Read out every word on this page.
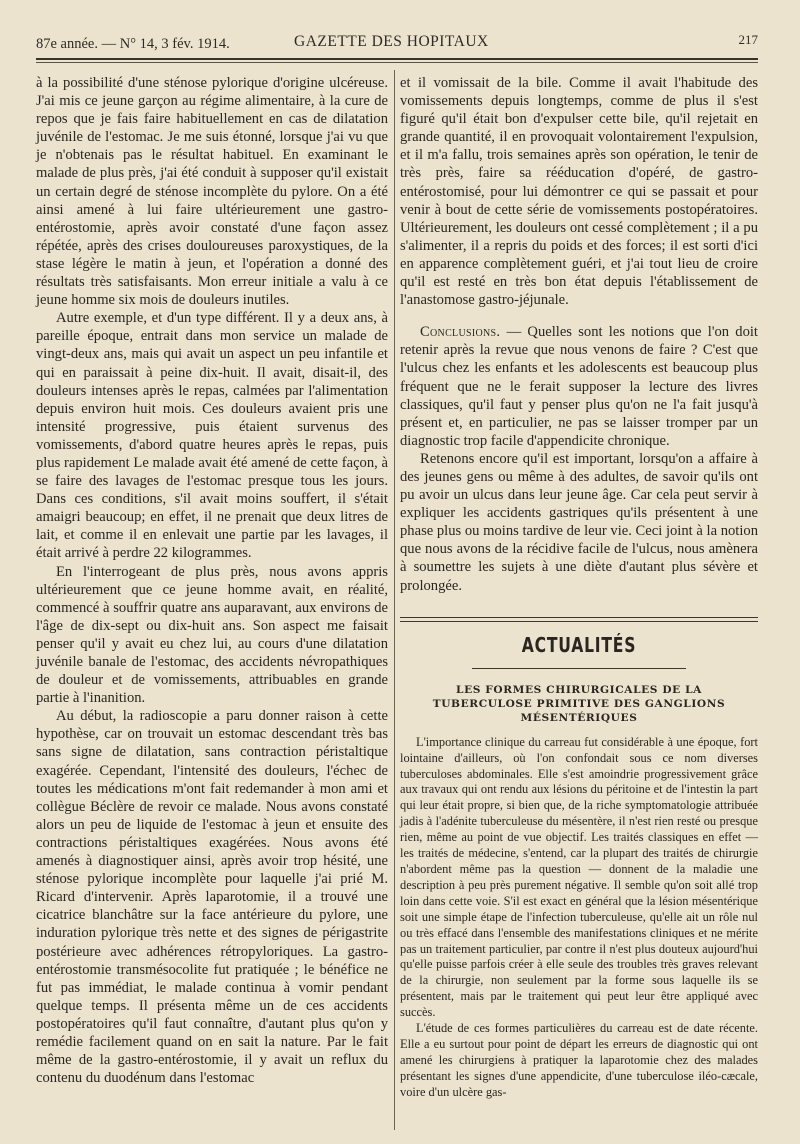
87e année. — N° 14, 3 fév. 1914.	GAZETTE DES HOPITAUX	217

à la possibilité d'une sténose pylorique d'origine ulcéreuse. J'ai mis ce jeune garçon au régime alimentaire, à la cure de repos que je fais faire habituellement en cas de dilatation juvénile de l'estomac. Je me suis étonné, lorsque j'ai vu que je n'obtenais pas le résultat habituel. En examinant le malade de plus près, j'ai été conduit à supposer qu'il existait un certain degré de sténose incomplète du pylore. On a été ainsi amené à lui faire ultérieurement une gastro-entérostomie, après avoir constaté d'une façon assez répétée, après des crises douloureuses paroxystiques, de la stase légère le matin à jeun, et l'opération a donné des résultats très satisfaisants. Mon erreur initiale a valu à ce jeune homme six mois de douleurs inutiles.

Autre exemple, et d'un type différent. Il y a deux ans, à pareille époque, entrait dans mon service un malade de vingt-deux ans, mais qui avait un aspect un peu infantile et qui en paraissait à peine dix-huit. Il avait, disait-il, des douleurs intenses après le repas, calmées par l'alimentation depuis environ huit mois. Ces douleurs avaient pris une intensité progressive, puis étaient survenus des vomissements, d'abord quatre heures après le repas, puis plus rapidement Le malade avait été amené de cette façon, à se faire des lavages de l'estomac presque tous les jours. Dans ces conditions, s'il avait moins souffert, il s'était amaigri beaucoup; en effet, il ne prenait que deux litres de lait, et comme il en enlevait une partie par les lavages, il était arrivé à perdre 22 kilogrammes.

En l'interrogeant de plus près, nous avons appris ultérieurement que ce jeune homme avait, en réalité, commencé à souffrir quatre ans auparavant, aux environs de l'âge de dix-sept ou dix-huit ans. Son aspect me faisait penser qu'il y avait eu chez lui, au cours d'une dilatation juvénile banale de l'estomac, des accidents névropathiques de douleur et de vomissements, attribuables en grande partie à l'inanition.

Au début, la radioscopie a paru donner raison à cette hypothèse, car on trouvait un estomac descendant très bas sans signe de dilatation, sans contraction péristaltique exagérée. Cependant, l'intensité des douleurs, l'échec de toutes les médications m'ont fait redemander à mon ami et collègue Béclère de revoir ce malade. Nous avons constaté alors un peu de liquide de l'estomac à jeun et ensuite des contractions péristaltiques exagérées. Nous avons été amenés à diagnostiquer ainsi, après avoir trop hésité, une sténose pylorique incomplète pour laquelle j'ai prié M. Ricard d'intervenir. Après laparotomie, il a trouvé une cicatrice blanchâtre sur la face antérieure du pylore, une induration pylorique très nette et des signes de périgastrite postérieure avec adhérences rétropyloriques. La gastro-entérostomie transmésocolite fut pratiquée ; le bénéfice ne fut pas immédiat, le malade continua à vomir pendant quelque temps. Il présenta même un de ces accidents postopératoires qu'il faut connaître, d'autant plus qu'on y remédie facilement quand on en sait la nature. Par le fait même de la gastro-entérostomie, il y avait un reflux du contenu du duodénum dans l'estomac

et il vomissait de la bile. Comme il avait l'habitude des vomissements depuis longtemps, comme de plus il s'est figuré qu'il était bon d'expulser cette bile, qu'il rejetait en grande quantité, il en provoquait volontairement l'expulsion, et il m'a fallu, trois semaines après son opération, le tenir de très près, faire sa rééducation d'opéré, de gastro-entérostomisé, pour lui démontrer ce qui se passait et pour venir à bout de cette série de vomissements postopératoires. Ultérieurement, les douleurs ont cessé complètement ; il a pu s'alimenter, il a repris du poids et des forces; il est sorti d'ici en apparence complètement guéri, et j'ai tout lieu de croire qu'il est resté en très bon état depuis l'établissement de l'anastomose gastro-jéjunale.

Conclusions. — Quelles sont les notions que l'on doit retenir après la revue que nous venons de faire ? C'est que l'ulcus chez les enfants et les adolescents est beaucoup plus fréquent que ne le ferait supposer la lecture des livres classiques, qu'il faut y penser plus qu'on ne l'a fait jusqu'à présent et, en particulier, ne pas se laisser tromper par un diagnostic trop facile d'appendicite chronique.

Retenons encore qu'il est important, lorsqu'on a affaire à des jeunes gens ou même à des adultes, de savoir qu'ils ont pu avoir un ulcus dans leur jeune âge. Car cela peut servir à expliquer les accidents gastriques qu'ils présentent à une phase plus ou moins tardive de leur vie. Ceci joint à la notion que nous avons de la récidive facile de l'ulcus, nous amènera à soumettre les sujets à une diète d'autant plus sévère et prolongée.

ACTUALITÉS
LES FORMES CHIRURGICALES DE LA TUBERCULOSE PRIMITIVE DES GANGLIONS MÉSENTÉRIQUES

L'importance clinique du carreau fut considérable à une époque, fort lointaine d'ailleurs, où l'on confondait sous ce nom diverses tuberculoses abdominales. Elle s'est amoindrie progressivement grâce aux travaux qui ont rendu aux lésions du péritoine et de l'intestin la part qui leur était propre, si bien que, de la riche symptomatologie attribuée jadis à l'adénite tuberculeuse du mésentère, il n'est rien resté ou presque rien, même au point de vue objectif. Les traités classiques en effet — les traités de médecine, s'entend, car la plupart des traités de chirurgie n'abordent même pas la question — donnent de la maladie une description à peu près purement négative. Il semble qu'on soit allé trop loin dans cette voie. S'il est exact en général que la lésion mésentérique soit une simple étape de l'infection tuberculeuse, qu'elle ait un rôle nul ou très effacé dans l'ensemble des manifestations cliniques et ne mérite pas un traitement particulier, par contre il n'est plus douteux aujourd'hui qu'elle puisse parfois créer à elle seule des troubles très graves relevant de la chirurgie, non seulement par la forme sous laquelle ils se présentent, mais par le traitement qui peut leur être appliqué avec succès.

L'étude de ces formes particulières du carreau est de date récente. Elle a eu surtout pour point de départ les erreurs de diagnostic qui ont amené les chirurgiens à pratiquer la laparotomie chez des malades présentant les signes d'une appendicite, d'une tuberculose iléo-cæcale, voire d'un ulcère gas-
